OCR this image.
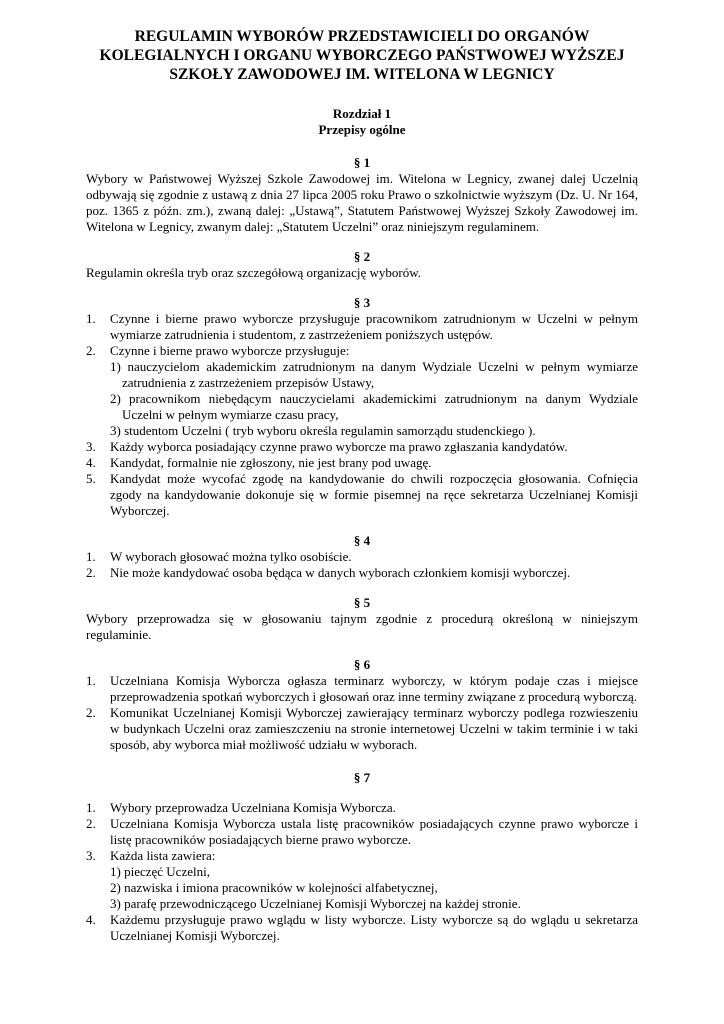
REGULAMIN WYBORÓW PRZEDSTAWICIELI DO ORGANÓW
KOLEGIALNYCH I ORGANU WYBORCZEGO PAŃSTWOWEJ WYŻSZEJ
SZKOŁY ZAWODOWEJ IM. WITELONA W LEGNICY
Rozdział 1
Przepisy ogólne
§ 1

Wybory w Państwowej Wyższej Szkole Zawodowej im. Witelona w Legnicy, zwanej dalej Uczelnią odbywają się zgodnie z ustawą z dnia 27 lipca 2005 roku Prawo o szkolnictwie wyższym (Dz. U. Nr 164, poz. 1365 z późn. zm.), zwaną dalej: „Ustawą”, Statutem Państwowej Wyższej Szkoły Zawodowej im. Witelona w Legnicy, zwanym dalej: „Statutem Uczelni” oraz niniejszym regulaminem.

§ 2

Regulamin określa tryb oraz szczegółową organizację wyborów.

§ 3
1. Czynne i bierne prawo wyborcze przysługuje pracownikom zatrudnionym w Uczelni w pełnym wymiarze zatrudnienia i studentom, z zastrzeżeniem poniższych ustępów.
2. Czynne i bierne prawo wyborcze przysługuje:
1) nauczycielom akademickim zatrudnionym na danym Wydziale Uczelni w pełnym wymiarze zatrudnienia z zastrzeżeniem przepisów Ustawy,
2) pracownikom niebędącym nauczycielami akademickimi zatrudnionym na danym Wydziale Uczelni w pełnym wymiarze czasu pracy,
3) studentom Uczelni ( tryb wyboru określa regulamin samorządu studenckiego ).
3. Każdy wyborca posiadający czynne prawo wyborcze ma prawo zgłaszania kandydatów.
4. Kandydat, formalnie nie zgłoszony, nie jest brany pod uwagę.
5. Kandydat może wycofać zgodę na kandydowanie do chwili rozpoczęcia głosowania. Cofnięcia zgody na kandydowanie dokonuje się w formie pisemnej na ręce sekretarza Uczelnianej Komisji Wyborczej.
§ 4
1. W wyborach głosować można tylko osobiście.
2. Nie może kandydować osoba będąca w danych wyborach członkiem komisji wyborczej.
§ 5

Wybory przeprowadza się w głosowaniu tajnym zgodnie z procedurą określoną w niniejszym regulaminie.

§ 6
1. Uczelniana Komisja Wyborcza ogłasza terminarz wyborczy, w którym podaje czas i miejsce przeprowadzenia spotkań wyborczych i głosowań oraz inne terminy związane z procedurą wyborczą.
2. Komunikat Uczelnianej Komisji Wyborczej zawierający terminarz wyborczy podlega rozwieszeniu w budynkach Uczelni oraz zamieszczeniu na stronie internetowej Uczelni w takim terminie i w taki sposób, aby wyborca miał możliwość udziału w wyborach.
§ 7
1. Wybory przeprowadza Uczelniana Komisja Wyborcza.
2. Uczelniana Komisja Wyborcza ustala listę pracowników posiadających czynne prawo wyborcze i listę pracowników posiadających bierne prawo wyborcze.
3. Każda lista zawiera:
1) pieczęć Uczelni,
2) nazwiska i imiona pracowników w kolejności alfabetycznej,
3) parafę przewodniczącego Uczelnianej Komisji Wyborczej na każdej stronie.
4. Każdemu przysługuje prawo wglądu w listy wyborcze. Listy wyborcze są do wglądu u sekretarza Uczelnianej Komisji Wyborczej.
